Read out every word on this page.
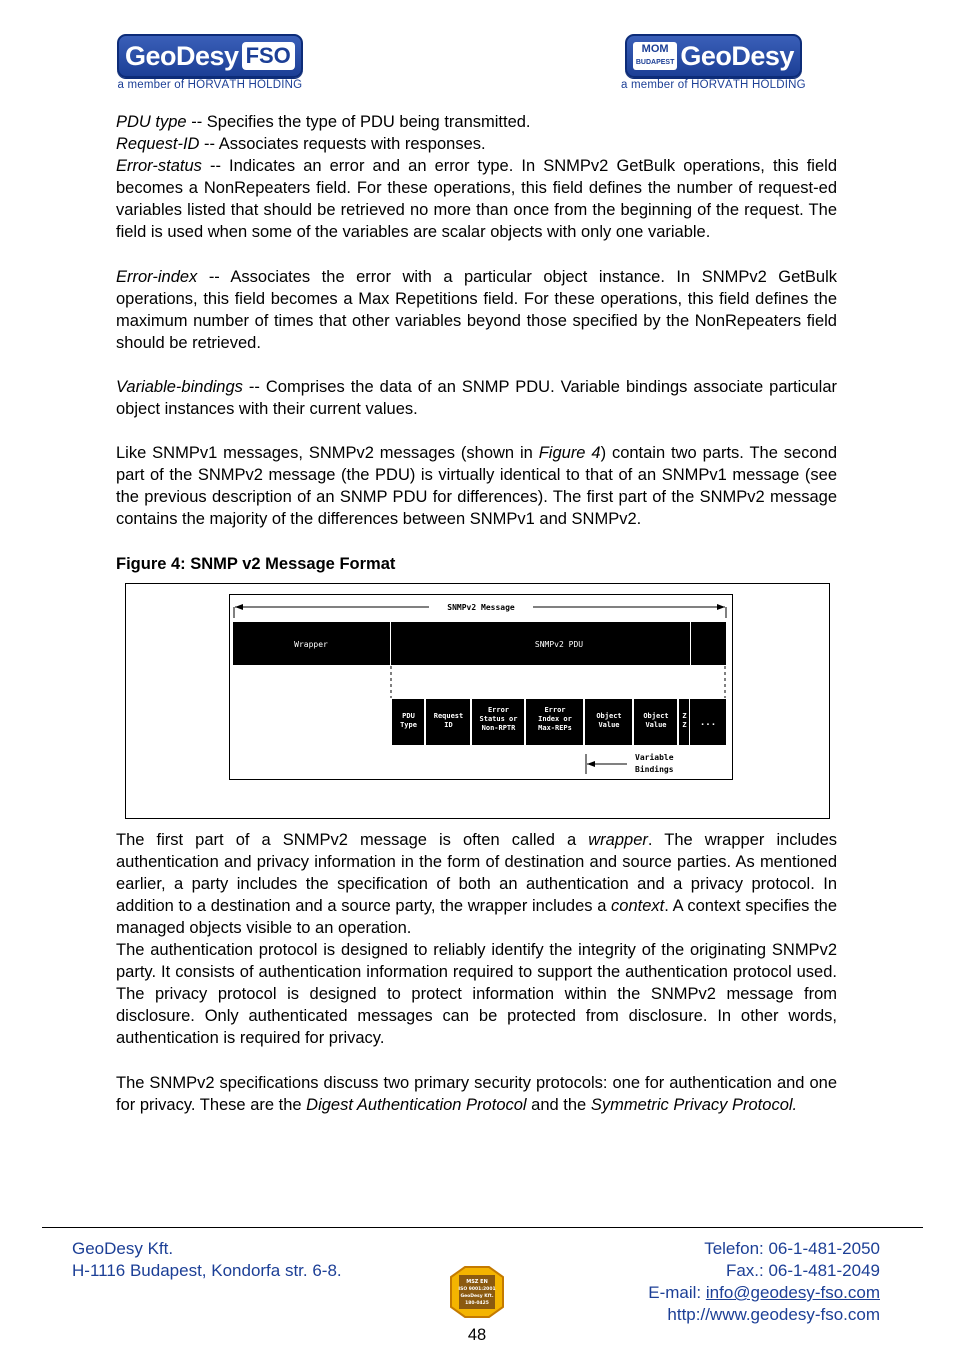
GeoDesy FSO
a member of HORVÁTH HOLDING
MOM
BUDAPEST GeoDesy
a member of HORVÁTH HOLDING

PDU type -- Specifies the type of PDU being transmitted.

Request-ID -- Associates requests with responses.

Error-status -- Indicates an error and an error type. In SNMPv2 GetBulk operations, this field becomes a NonRepeaters field. For these operations, this field defines the number of request-ed variables listed that should be retrieved no more than once from the beginning of the request. The field is used when some of the variables are scalar objects with only one variable.

Error-index -- Associates the error with a particular object instance. In SNMPv2 GetBulk operations, this field becomes a Max Repetitions field. For these operations, this field defines the maximum number of times that other variables beyond those specified by the NonRepeaters field should be retrieved.

Variable-bindings -- Comprises the data of an SNMP PDU. Variable bindings associate particular object instances with their current values.

Like SNMPv1 messages, SNMPv2 messages (shown in Figure 4) contain two parts. The second part of the SNMPv2 message (the PDU) is virtually identical to that of an SNMPv1 message (see the previous description of an SNMP PDU for differences). The first part of the SNMPv2 message contains the majority of the differences between SNMPv1 and SNMPv2.

Figure 4: SNMP v2 Message Format

SNMPv2 Message
Wrapper	SNMPv2 PDU
PDU
Type
Request
ID
Error
Status or
Non-RPTR
Error
Index or
Max-REPs
Object
Value
Object
Value
Z
Z ...
Variable
Bindings

The first part of a SNMPv2 message is often called a wrapper. The wrapper includes authentication and privacy information in the form of destination and source parties. As mentioned earlier, a party includes the specification of both an authentication and a privacy protocol. In addition to a destination and a source party, the wrapper includes a context. A context specifies the managed objects visible to an operation.

The authentication protocol is designed to reliably identify the integrity of the originating SNMPv2 party. It consists of authentication information required to support the authentication protocol used. The privacy protocol is designed to protect information within the SNMPv2 message from disclosure. Only authenticated messages can be protected from disclosure. In other words, authentication is required for privacy.

The SNMPv2 specifications discuss two primary security protocols: one for authentication and one for privacy. These are the Digest Authentication Protocol and the Symmetric Privacy Protocol.

GeoDesy Kft.
H-1116 Budapest, Kondorfa str. 6-8.
Telefon: 06-1-481-2050
Fax.: 06-1-481-2049
E-mail: info@geodesy-fso.com
http://www.geodesy-fso.com
MSZ EN
ISO 9001:2001
GeoDesy Kft.
180-0425
48
